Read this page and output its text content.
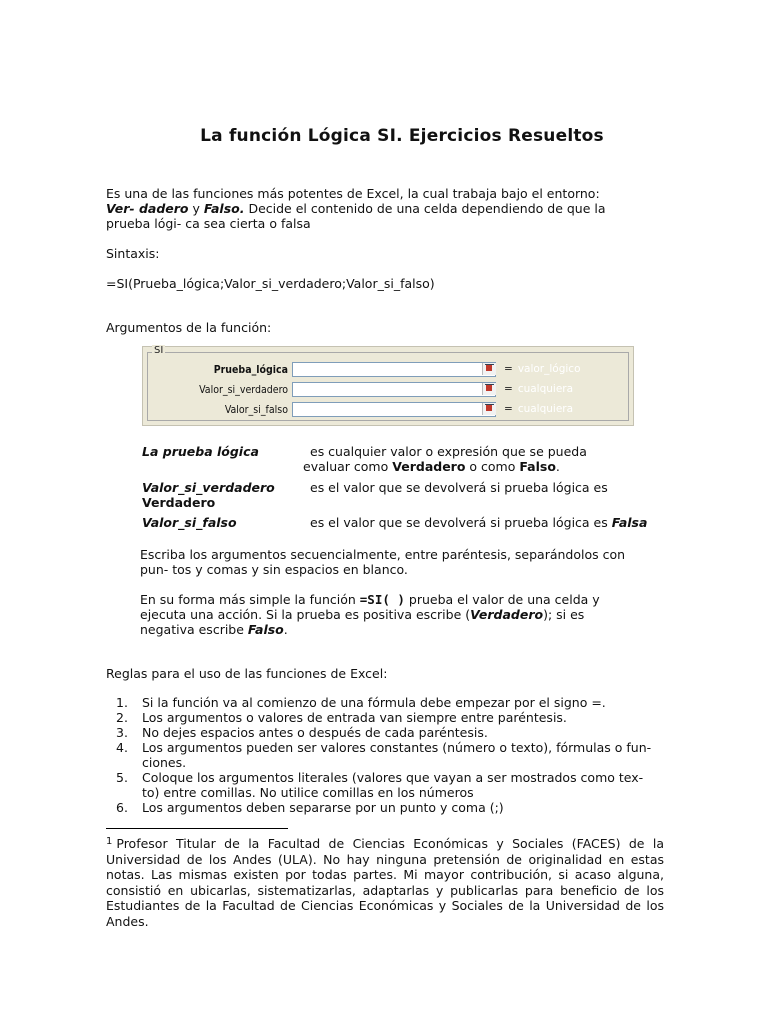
La función Lógica SI. Ejercicios Resueltos
Es una de las funciones más potentes de Excel, la cual trabaja bajo el entorno:
Ver- dadero y Falso. Decide el contenido de una celda dependiendo de que la
prueba lógi- ca sea cierta o falsa
Sintaxis:
=SI(Prueba_lógica;Valor_si_verdadero;Valor_si_falso)
Argumentos de la función:
SI
Prueba_lógica	= valor_lógico
Valor_si_verdadero	= cualquiera
Valor_si_falso	= cualquiera
La prueba lógica	es cualquier valor o expresión que se pueda
evaluar como Verdadero o como Falso.
Valor_si_verdadero	es el valor que se devolverá si prueba lógica es
Verdadero
Valor_si_falso	es el valor que se devolverá si prueba lógica es Falsa
Escriba los argumentos secuencialmente, entre paréntesis, separándolos con
pun- tos y comas y sin espacios en blanco.
En su forma más simple la función =SI( ) prueba el valor de una celda y
ejecuta una acción. Si la prueba es positiva escribe (Verdadero); si es
negativa escribe Falso.
Reglas para el uso de las funciones de Excel:
1. Si la función va al comienzo de una fórmula debe empezar por el signo =.
2. Los argumentos o valores de entrada van siempre entre paréntesis.
3. No dejes espacios antes o después de cada paréntesis.
4. Los argumentos pueden ser valores constantes (número o texto), fórmulas o fun- ciones.
5. Coloque los argumentos literales (valores que vayan a ser mostrados como tex- to) entre comillas. No utilice comillas en los números
6. Los argumentos deben separarse por un punto y coma (;)
$^1$ Profesor Titular de la Facultad de Ciencias Económicas y Sociales (FACES) de la Universidad de los Andes (ULA). No hay ninguna pretensión de originalidad en estas notas. Las mismas existen por todas partes. Mi mayor contribución, si acaso alguna, consistió en ubicarlas, sistematizarlas, adaptarlas y publicarlas para beneficio de los Estudiantes de la Facultad de Ciencias Económicas y Sociales de la Universidad de los Andes.
